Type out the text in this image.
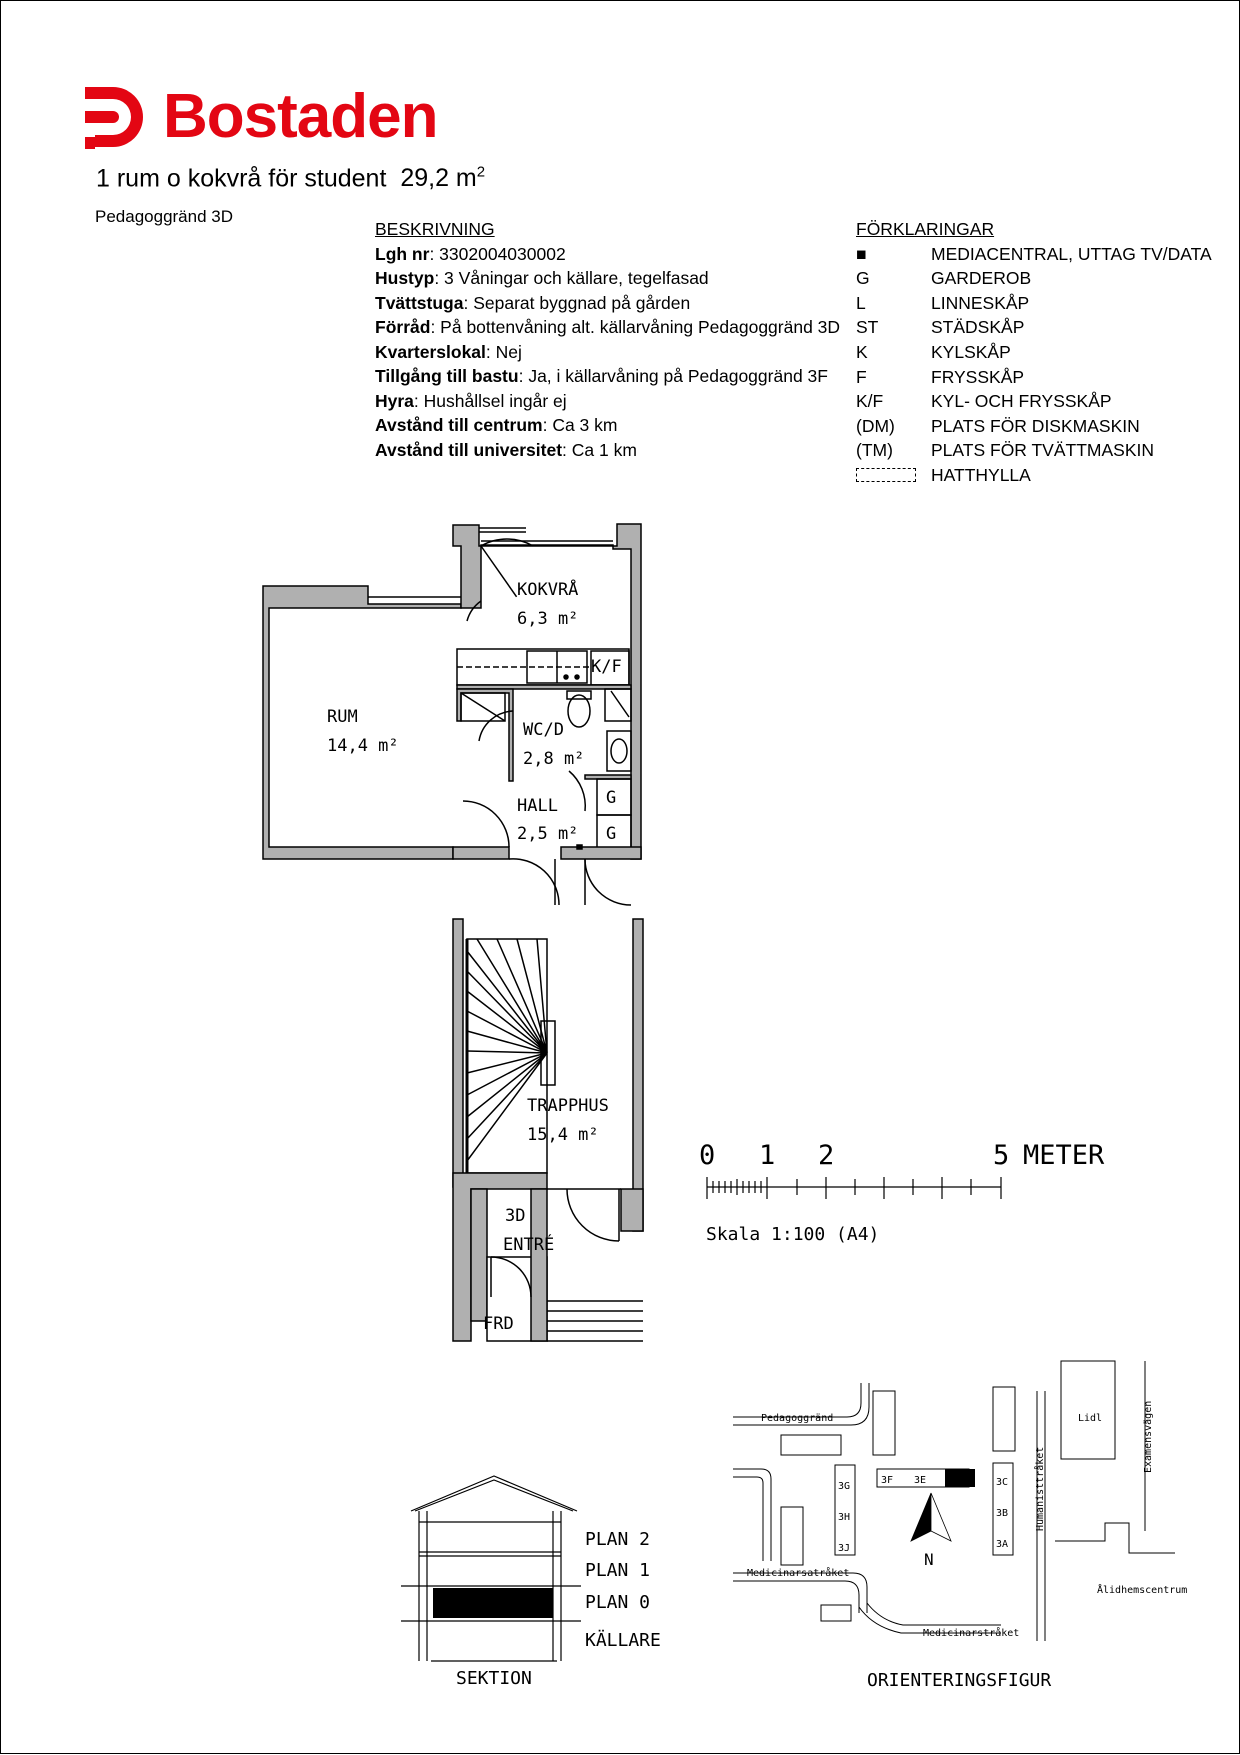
Bostaden
1 rum o kokvrå för student 29,2 $m^2$
Pedagoggränd 3D
BESKRIVNING
Lgh nr: 3302004030002
Hustyp: 3 Våningar och källare, tegelfasad
Tvättstuga: Separat byggnad på gården
Förråd: På bottenvåning alt. källarvåning Pedagoggränd 3D
Kvarterslokal: Nej
Tillgång till bastu: Ja, i källarvåning på Pedagoggränd 3F
Hyra: Hushållsel ingår ej
Avstånd till centrum: Ca 3 km
Avstånd till universitet: Ca 1 km
FÖRKLARINGAR
■	MEDIACENTRAL, UTTAG TV/DATA
G	GARDEROB
L	LINNESKÅP
ST	STÄDSKÅP
K	KYLSKÅP
F	FRYSSKÅP
K/F	KYL- OCH FRYSSKÅP
(DM) PLATS FÖR DISKMASKIN
(TM) PLATS FÖR TVÄTTMASKIN
HATTHYLLA
KOKVRÅ
6,3 m²
RUM
14,4 m²
WC/D
2,8 m²
HALL
2,5 m²
TRAPPHUS
15,4 m²
3D
ENTRÉ
FRD
K/F
G
G
0 1 2	5 METER
Skala 1:100 (A4)
PLAN 2
PLAN 1
PLAN 0
KÄLLARE
SEKTION
N
Pedagoggränd
Medicinarsatråket
Medicinarstråket
Humanisttråket
Examensvägen
Lidl
Ålidhemscentrum
3G
3H
3J
3F 3E 3D	3C
3B
3A
ORIENTERINGSFIGUR
